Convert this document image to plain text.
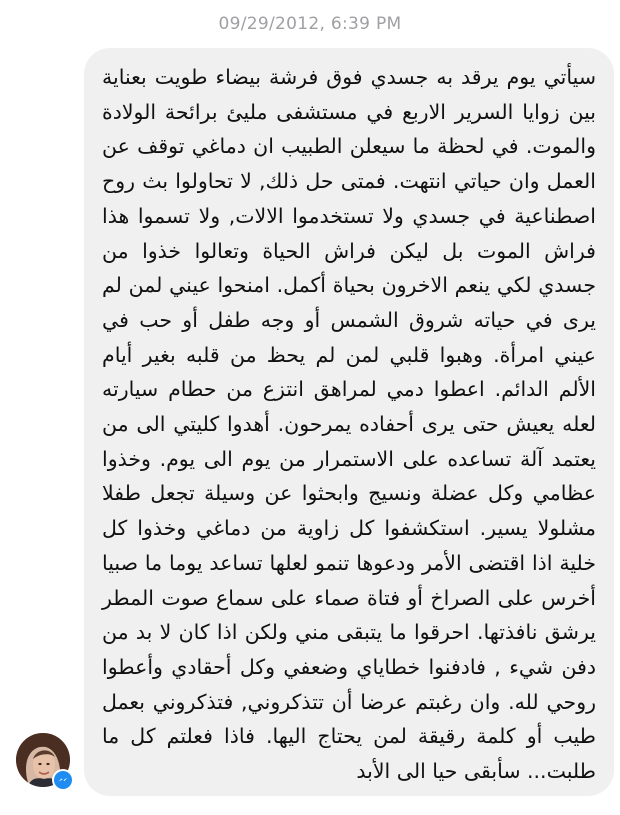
09/29/2012, 6:39 PM

سيأتي يوم يرقد به جسدي فوق فرشة بيضاء طويت بعناية بين زوايا السرير الاربع في مستشفى مليئ برائحة الولادة والموت. في لحظة ما سيعلن الطبيب ان دماغي توقف عن العمل وان حياتي انتهت. فمتى حل ذلك, لا تحاولوا بث روح اصطناعية في جسدي ولا تستخدموا الالات, ولا تسموا هذا فراش الموت بل ليكن فراش الحياة وتعالوا خذوا من جسدي لكي ينعم الاخرون بحياة أكمل. امنحوا عيني لمن لم يرى في حياته شروق الشمس أو وجه طفل أو حب في عيني امرأة. وهبوا قلبي لمن لم يحظ من قلبه بغير أيام الألم الدائم. اعطوا دمي لمراهق انتزع من حطام سيارته لعله يعيش حتى يرى أحفاده يمرحون. أهدوا كليتي الى من يعتمد آلة تساعده على الاستمرار من يوم الى يوم. وخذوا عظامي وكل عضلة ونسيج وابحثوا عن وسيلة تجعل طفلا مشلولا يسير. استكشفوا كل زاوية من دماغي وخذوا كل خلية اذا اقتضى الأمر ودعوها تنمو لعلها تساعد يوما ما صبيا أخرس على الصراخ أو فتاة صماء على سماع صوت المطر يرشق نافذتها. احرقوا ما يتبقى مني ولكن اذا كان لا بد من دفن شيء , فادفنوا خطاياي وضعفي وكل أحقادي وأعطوا روحي لله. وان رغبتم عرضا أن تتذكروني, فتذكروني بعمل طيب أو كلمة رقيقة لمن يحتاج اليها. فاذا فعلتم كل ما طلبت... سأبقى حيا الى الأبد
